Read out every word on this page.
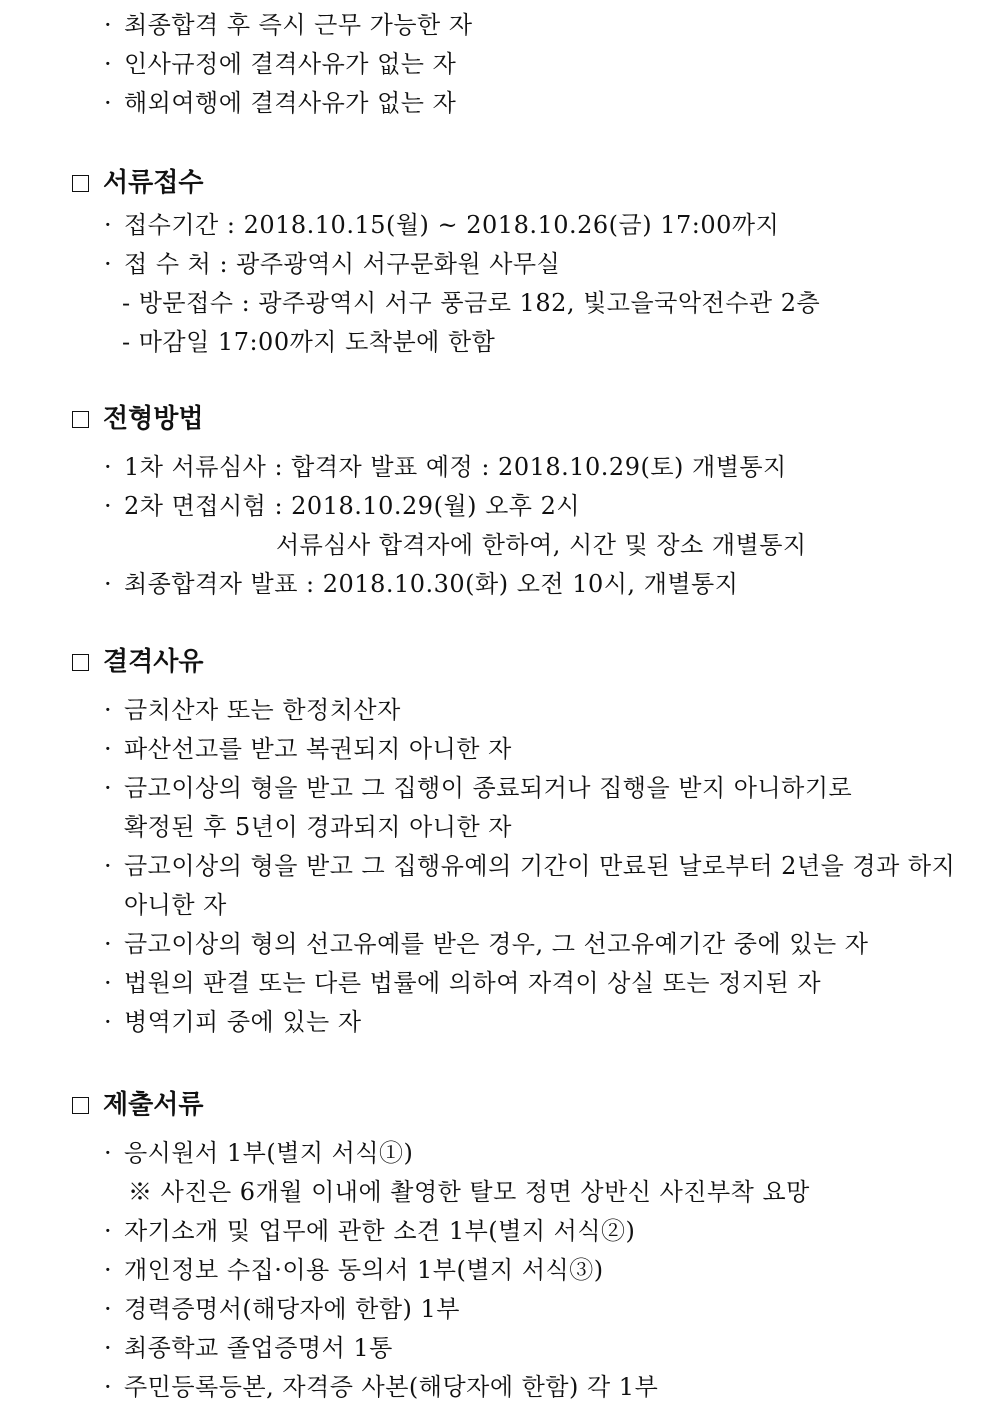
· 최종합격 후 즉시 근무 가능한 자
· 인사규정에 결격사유가 없는 자
· 해외여행에 결격사유가 없는 자
서류접수
· 접수기간 : 2018.10.15(월) ~ 2018.10.26(금) 17:00까지
· 접 수 처 : 광주광역시 서구문화원 사무실
- 방문접수 : 광주광역시 서구 풍금로 182, 빛고을국악전수관 2층
- 마감일 17:00까지 도착분에 한함
전형방법
· 1차 서류심사 : 합격자 발표 예정 : 2018.10.29(토) 개별통지
· 2차 면접시험 : 2018.10.29(월) 오후 2시
서류심사 합격자에 한하여, 시간 및 장소 개별통지
· 최종합격자 발표 : 2018.10.30(화) 오전 10시, 개별통지
결격사유
· 금치산자 또는 한정치산자
· 파산선고를 받고 복권되지 아니한 자
· 금고이상의 형을 받고 그 집행이 종료되거나 집행을 받지 아니하기로
확정된 후 5년이 경과되지 아니한 자
· 금고이상의 형을 받고 그 집행유예의 기간이 만료된 날로부터 2년을 경과 하지
아니한 자
· 금고이상의 형의 선고유예를 받은 경우, 그 선고유예기간 중에 있는 자
· 법원의 판결 또는 다른 법률에 의하여 자격이 상실 또는 정지된 자
· 병역기피 중에 있는 자
제출서류
· 응시원서 1부(별지 서식①)
※ 사진은 6개월 이내에 촬영한 탈모 정면 상반신 사진부착 요망
· 자기소개 및 업무에 관한 소견 1부(별지 서식②)
· 개인정보 수집·이용 동의서 1부(별지 서식③)
· 경력증명서(해당자에 한함) 1부
· 최종학교 졸업증명서 1통
· 주민등록등본, 자격증 사본(해당자에 한함) 각 1부
